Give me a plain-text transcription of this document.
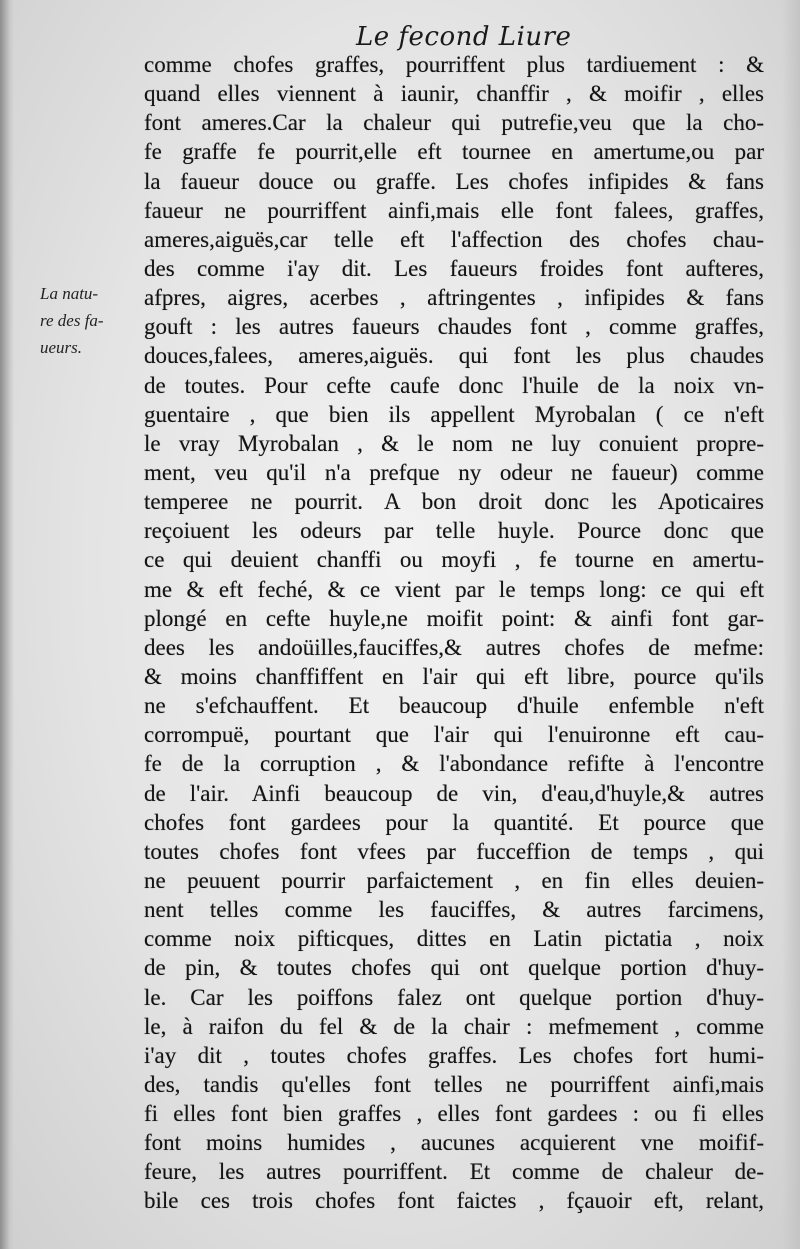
Le fecond Liure
La natu-
re des fa-
ueurs.
comme chofes graffes, pourriffent plus tardiuement : &
quand elles viennent à iaunir, chanffir , & moifir , elles
font ameres.Car la chaleur qui putrefie,veu que la cho-
fe graffe fe pourrit,elle eft tournee en amertume,ou par
la faueur douce ou graffe. Les chofes infipides & fans
faueur ne pourriffent ainfi,mais elle font falees, graffes,
ameres,aiguës,car telle eft l'affection des chofes chau-
des comme i'ay dit. Les faueurs froides font aufteres,
afpres, aigres, acerbes , aftringentes , infipides & fans
gouft : les autres faueurs chaudes font , comme graffes,
douces,falees, ameres,aiguës. qui font les plus chaudes
de toutes. Pour cefte caufe donc l'huile de la noix vn-
guentaire , que bien ils appellent Myrobalan ( ce n'eft
le vray Myrobalan , & le nom ne luy conuient propre-
ment, veu qu'il n'a prefque ny odeur ne faueur) comme
temperee ne pourrit. A bon droit donc les Apoticaires
reçoiuent les odeurs par telle huyle. Pource donc que
ce qui deuient chanffi ou moyfi , fe tourne en amertu-
me & eft feché, & ce vient par le temps long: ce qui eft
plongé en cefte huyle,ne moifit point: & ainfi font gar-
dees les andoüilles,fauciffes,& autres chofes de mefme:
& moins chanffiffent en l'air qui eft libre, pource qu'ils
ne s'efchauffent. Et beaucoup d'huile enfemble n'eft
corrompuë, pourtant que l'air qui l'enuironne eft cau-
fe de la corruption , & l'abondance refifte à l'encontre
de l'air. Ainfi beaucoup de vin, d'eau,d'huyle,& autres
chofes font gardees pour la quantité. Et pource que
toutes chofes font vfees par fucceffion de temps , qui
ne peuuent pourrir parfaictement , en fin elles deuien-
nent telles comme les fauciffes, & autres farcimens,
comme noix pifticques, dittes en Latin pictatia , noix
de pin, & toutes chofes qui ont quelque portion d'huy-
le. Car les poiffons falez ont quelque portion d'huy-
le, à raifon du fel & de la chair : mefmement , comme
i'ay dit , toutes chofes graffes. Les chofes fort humi-
des, tandis qu'elles font telles ne pourriffent ainfi,mais
fi elles font bien graffes , elles font gardees : ou fi elles
font moins humides , aucunes acquierent vne moifif-
feure, les autres pourriffent. Et comme de chaleur de-
bile ces trois chofes font faictes , fçauoir eft, relant,
